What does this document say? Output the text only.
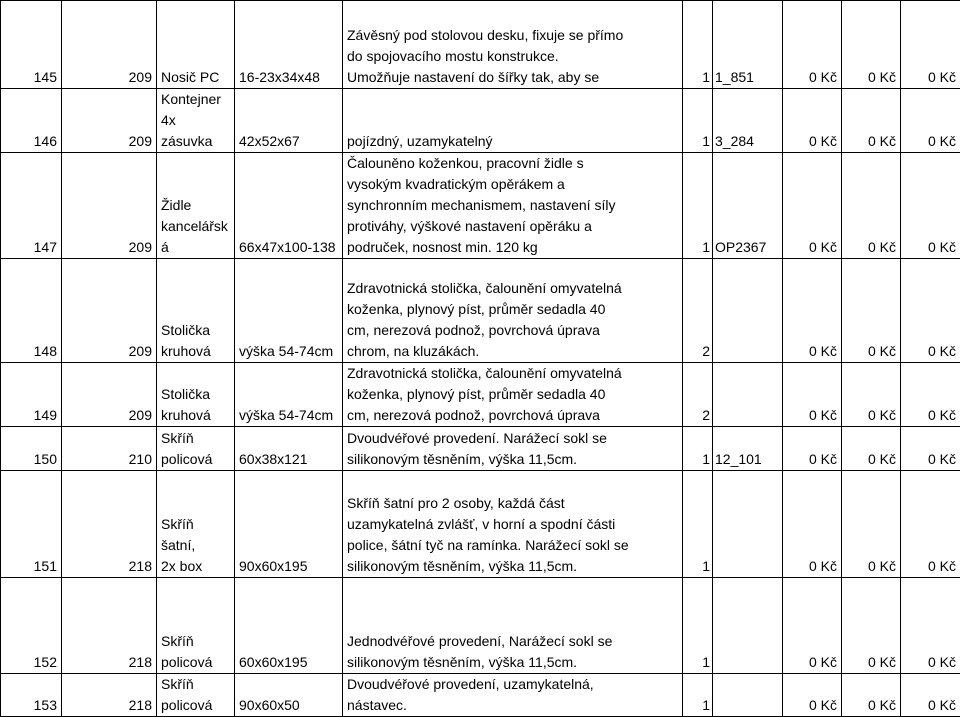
145	209	Nosič PC	16-23x34x48	Závěsný pod stolovou desku, fixuje se přímo
do spojovacího mostu konstrukce.
Umožňuje nastavení do šířky tak, aby se	1	1_851	0 Kč	0 Kč	0 Kč
146	209	Kontejner
4x zásuvka	42x52x67	pojízdný, uzamykatelný	1	3_284	0 Kč	0 Kč	0 Kč
147	209	Židle
kancelářsk
á	66x47x100-138	Čalouněno koženkou, pracovní židle s
vysokým kvadratickým opěrákem a
synchronním mechanismem, nastavení síly
protiváhy, výškové nastavení opěráku a
područek, nosnost min. 120 kg	1	OP2367	0 Kč	0 Kč	0 Kč
148	209	Stolička
kruhová	výška 54-74cm	Zdravotnická stolička, čalounění omyvatelná
koženka, plynový píst, průměr sedadla 40
cm, nerezová podnož, povrchová úprava
chrom, na kluzákách.	2		0 Kč	0 Kč	0 Kč
149	209	Stolička
kruhová	výška 54-74cm	Zdravotnická stolička, čalounění omyvatelná
koženka, plynový píst, průměr sedadla 40
cm, nerezová podnož, povrchová úprava	2		0 Kč	0 Kč	0 Kč
150	210	Skříň
policová	60x38x121	Dvoudvéřové provedení. Narážecí sokl se
silikonovým těsněním, výška 11,5cm.	1	12_101	0 Kč	0 Kč	0 Kč
151	218	Skříň šatní,
2x box	90x60x195	Skříň šatní pro 2 osoby, každá část
uzamykatelná zvlášť, v horní a spodní části
police, šátní tyč na ramínka. Narážecí sokl se
silikonovým těsněním, výška 11,5cm.	1		0 Kč	0 Kč	0 Kč
152	218	Skříň
policová	60x60x195	Jednodvéřové provedení, Narážecí sokl se
silikonovým těsněním, výška 11,5cm.	1		0 Kč	0 Kč	0 Kč
153	218	Skříň
policová	90x60x50	Dvoudvéřové provedení, uzamykatelná,
nástavec.	1		0 Kč	0 Kč	0 Kč
